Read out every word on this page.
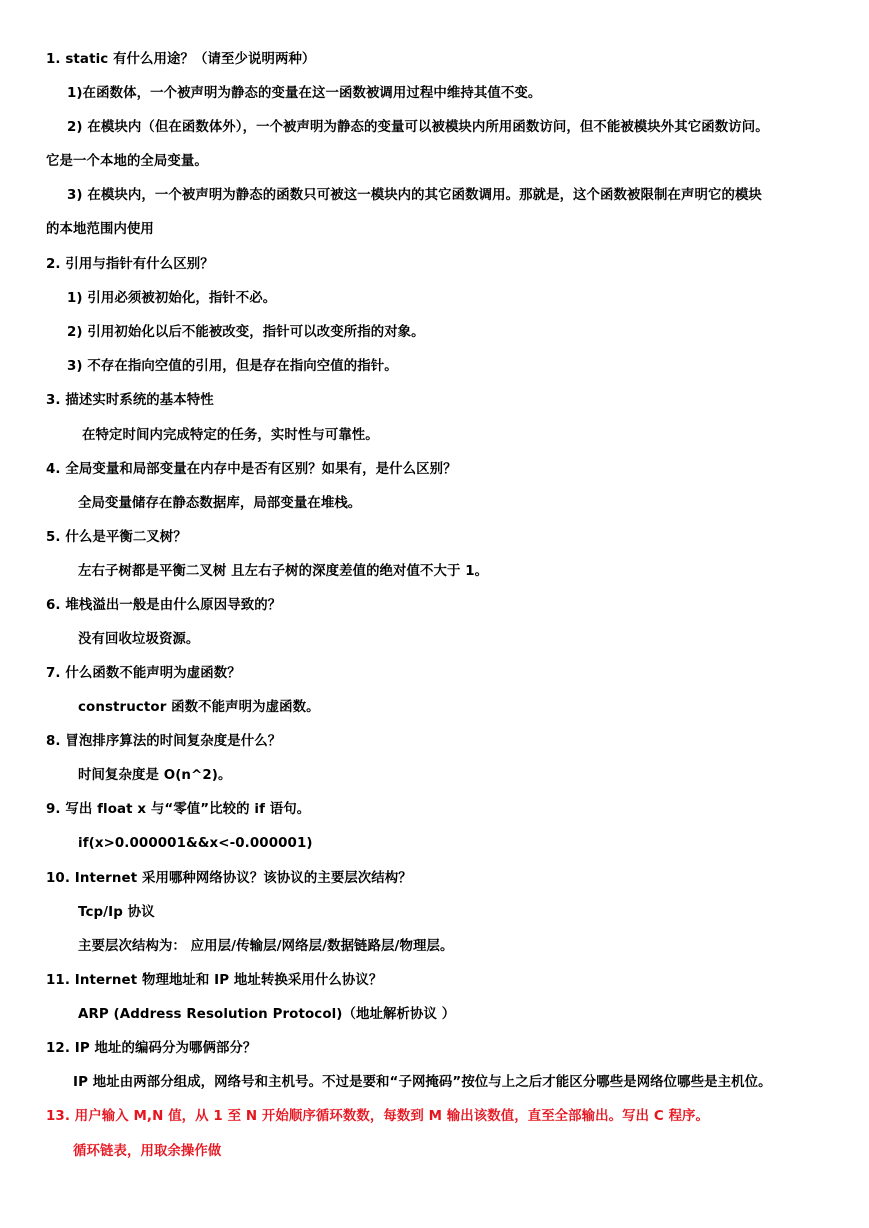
1. static 有什么用途？（请至少说明两种）
1)在函数体，一个被声明为静态的变量在这一函数被调用过程中维持其值不变。
2) 在模块内（但在函数体外），一个被声明为静态的变量可以被模块内所用函数访问，但不能被模块外其它函数访问。
它是一个本地的全局变量。
3) 在模块内，一个被声明为静态的函数只可被这一模块内的其它函数调用。那就是，这个函数被限制在声明它的模块
的本地范围内使用
2. 引用与指针有什么区别？
1) 引用必须被初始化，指针不必。
2) 引用初始化以后不能被改变，指针可以改变所指的对象。
3) 不存在指向空值的引用，但是存在指向空值的指针。
3. 描述实时系统的基本特性
在特定时间内完成特定的任务，实时性与可靠性。
4. 全局变量和局部变量在内存中是否有区别？如果有，是什么区别？
全局变量储存在静态数据库，局部变量在堆栈。
5. 什么是平衡二叉树？
左右子树都是平衡二叉树 且左右子树的深度差值的绝对值不大于 1。
6. 堆栈溢出一般是由什么原因导致的？
没有回收垃圾资源。
7. 什么函数不能声明为虚函数？
constructor 函数不能声明为虚函数。
8. 冒泡排序算法的时间复杂度是什么？
时间复杂度是 O(n^2)。
9. 写出 float x 与“零值”比较的 if 语句。
if(x>0.000001&&x<-0.000001)
10. Internet 采用哪种网络协议？该协议的主要层次结构？
Tcp/Ip 协议
主要层次结构为： 应用层/传输层/网络层/数据链路层/物理层。
11. Internet 物理地址和 IP 地址转换采用什么协议？
ARP (Address Resolution Protocol)（地址解析协议 ）
12. IP 地址的编码分为哪俩部分？
IP 地址由两部分组成，网络号和主机号。不过是要和“子网掩码”按位与上之后才能区分哪些是网络位哪些是主机位。
13. 用户输入 M,N 值，从 1 至 N 开始顺序循环数数，每数到 M 输出该数值，直至全部输出。写出 C 程序。
循环链表，用取余操作做
